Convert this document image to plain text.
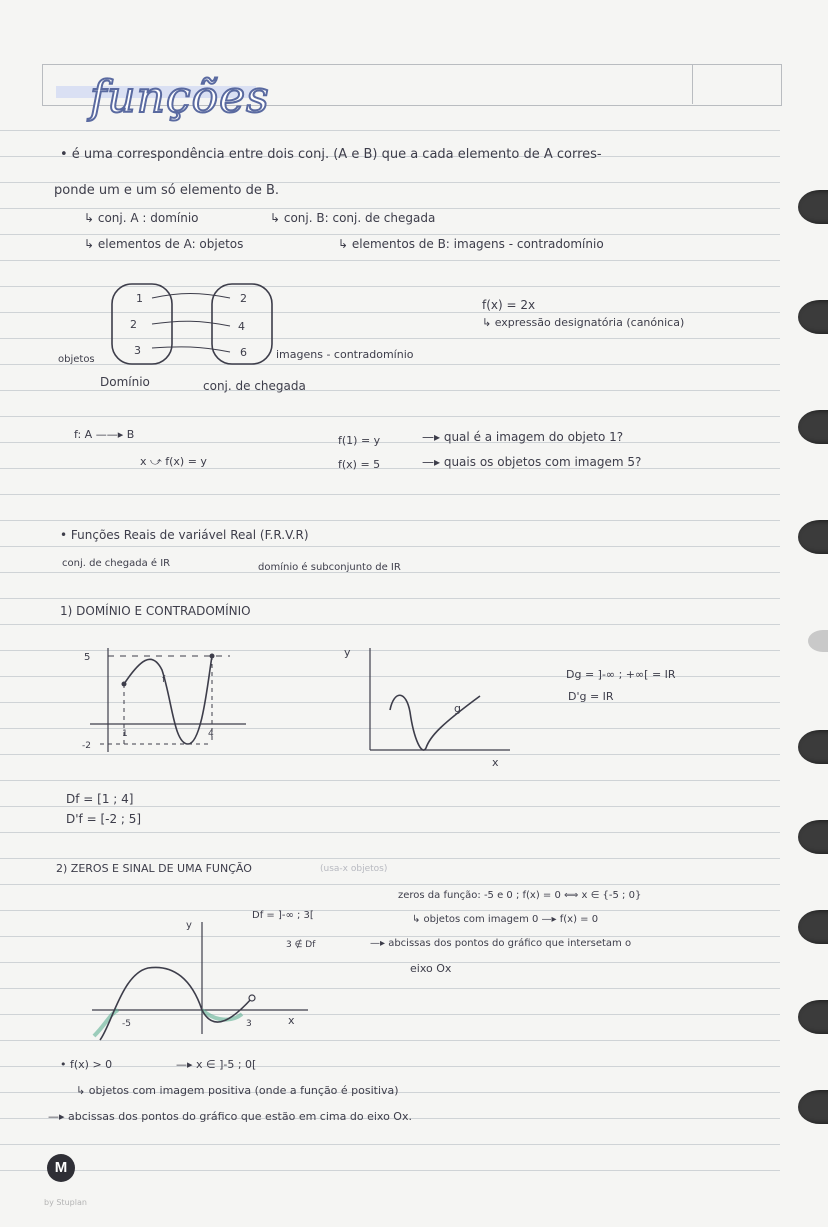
funções
• é uma correspondência entre dois conj. (A e B) que a cada elemento de A corres-
ponde um e um só elemento de B.
↳ conj. A : domínio	↳ conj. B: conj. de chegada
↳ elementos de A: objetos	↳ elementos de B: imagens - contradomínio
1
2
3
2
4
6
objetos
Domínio	conj. de chegada
imagens - contradomínio
f(x) = 2x
↳ expressão designatória (canónica)
f: A ——▸ B
x ⤻ f(x) = y
f(1) = y	—▸ qual é a imagem do objeto 1?
f(x) = 5	—▸ quais os objetos com imagem 5?
• Funções Reais de variável Real (F.R.V.R)
conj. de chegada é IR	domínio é subconjunto de IR
1) DOMÍNIO E CONTRADOMÍNIO
5
-2
1	4
f
y
x
g
Dg = ]-∞ ; +∞[ = IR
D'g = IR
Df = [1 ; 4]
D'f = [-2 ; 5]
2) ZEROS E SINAL DE UMA FUNÇÃO	(usa-x objetos)
y
x
-5	3
Df = ]-∞ ; 3[
3 ∉ Df
zeros da função: -5 e 0 ; f(x) = 0 ⟺ x ∈ {-5 ; 0}
↳ objetos com imagem 0 —▸ f(x) = 0
—▸ abcissas dos pontos do gráfico que intersetam o
eixo Ox
• f(x) > 0	—▸ x ∈ ]-5 ; 0[
↳ objetos com imagem positiva (onde a função é positiva)
—▸ abcissas dos pontos do gráfico que estão em cima do eixo Ox.
M
by Stuplan
